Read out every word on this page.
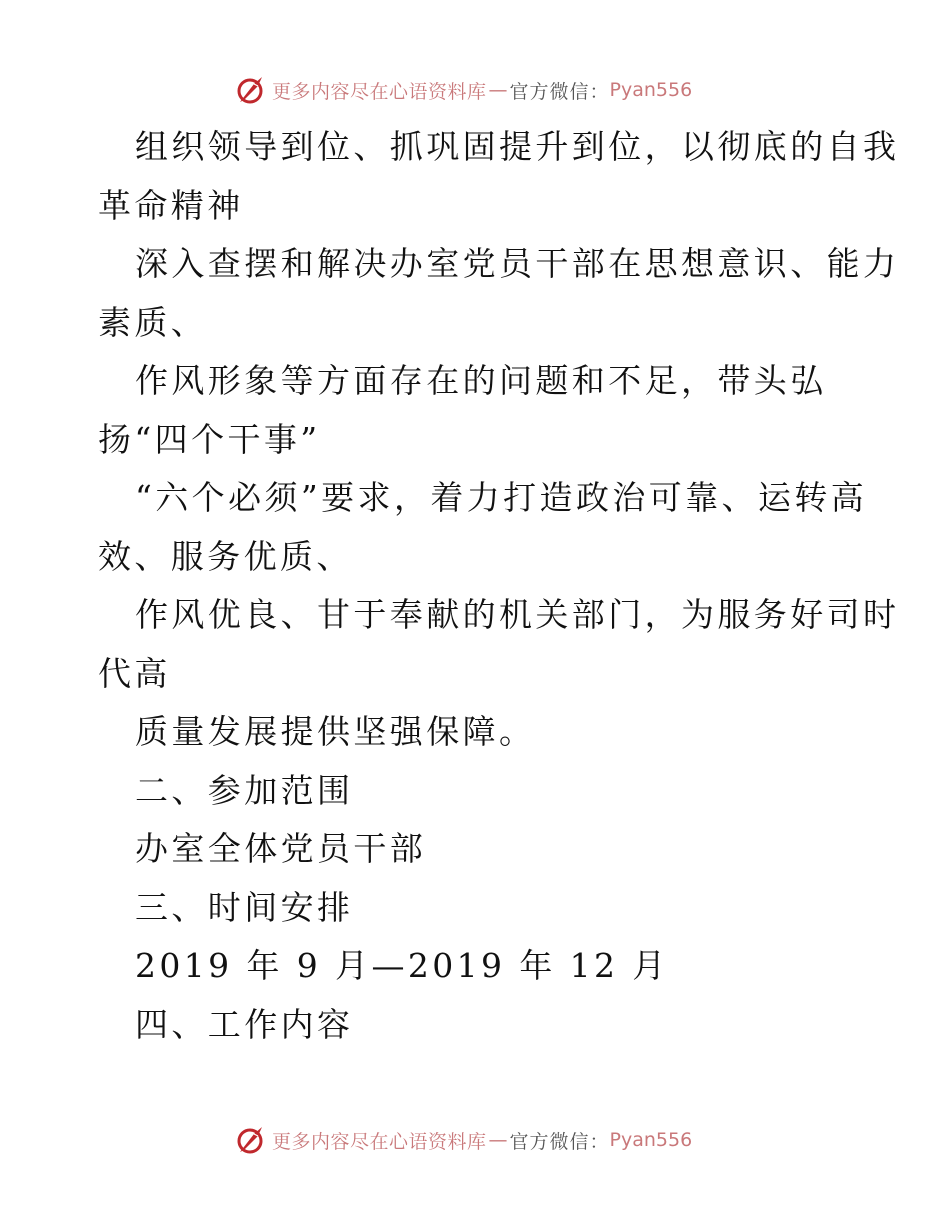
更多内容尽在心语资料库 — 官方微信： Pyan556
组织领导到位、抓巩固提升到位，以彻底的自我
革命精神
深入查摆和解决办室党员干部在思想意识、能力
素质、
作风形象等方面存在的问题和不足，带头弘
扬“四个干事”
“六个必须”要求，着力打造政治可靠、运转高
效、服务优质、
作风优良、甘于奉献的机关部门，为服务好司时
代高
质量发展提供坚强保障。
二、参加范围
办室全体党员干部
三、时间安排
2019 年 9 月—2019 年 12 月
四、工作内容
更多内容尽在心语资料库 — 官方微信： Pyan556
